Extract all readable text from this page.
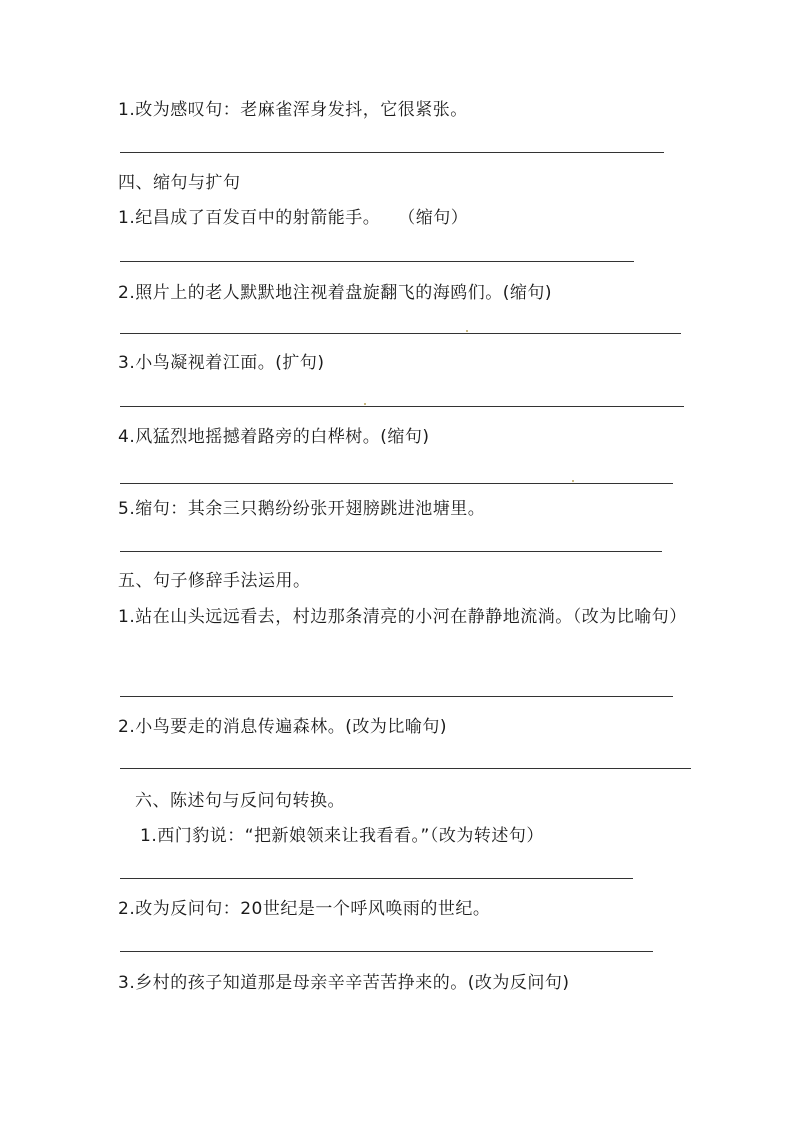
1.改为感叹句：老麻雀浑身发抖，它很紧张。
四、缩句与扩句
1.纪昌成了百发百中的射箭能手。　　（缩句）
2.照片上的老人默默地注视着盘旋翻飞的海鸥们。(缩句)
3.小鸟凝视着江面。(扩句)
4.风猛烈地摇撼着路旁的白桦树。(缩句)
5.缩句：其余三只鹅纷纷张开翅膀跳进池塘里。
五、句子修辞手法运用。
1.站在山头远远看去，村边那条清亮的小河在静静地流淌。（改为比喻句）
2.小鸟要走的消息传遍森林。(改为比喻句)
六、陈述句与反问句转换。
1.西门豹说：“把新娘领来让我看看。”（改为转述句）
2.改为反问句：20世纪是一个呼风唤雨的世纪。
3.乡村的孩子知道那是母亲辛辛苦苦挣来的。(改为反问句)
